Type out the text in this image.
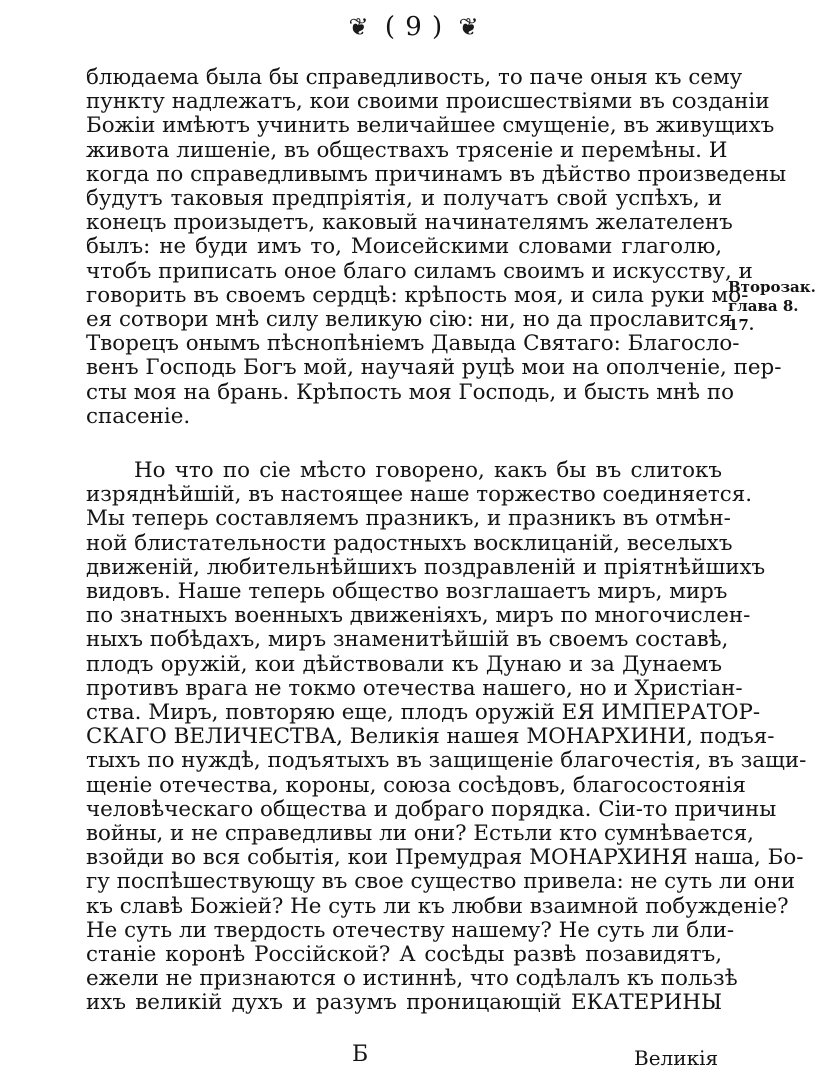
❦ ( 9 ) ❦
блюдаема была бы справедливость, то паче оныя къ сему
пункту надлежатъ, кои своими происшествіями въ созданіи
Божіи имѣютъ учинить величайшее смущеніе, въ живущихъ
живота лишеніе, въ обществахъ трясеніе и перемѣны. И
когда по справедливымъ причинамъ въ дѣйство произведены
будутъ таковыя предпріятія, и получатъ свой успѣхъ, и
конецъ произыдетъ, каковый начинателямъ желателенъ
былъ: не буди имъ то, Моисейскими словами глаголю,
чтобъ приписать оное благо силамъ своимъ и искусству, и
говорить въ своемъ сердцѣ: крѣпость моя, и сила руки мо-
ея сотвори мнѣ силу великую сію: ни, но да прославится
Творецъ онымъ пѣснопѣніемъ Давыда Святаго: Благосло-
венъ Господь Богъ мой, научаяй руцѣ мои на ополченіе, пер-
сты моя на брань. Крѣпость моя Господь, и бысть мнѣ по
спасеніе.
Второзак.
глава 8.
17.
Но что по сіе мѣсто говорено, какъ бы въ слитокъ
изряднѣйшій, въ настоящее наше торжество соединяется.
Мы теперь составляемъ празникъ, и празникъ въ отмѣн-
ной блистательности радостныхъ восклицаній, веселыхъ
движеній, любительнѣйшихъ поздравленій и пріятнѣйшихъ
видовъ. Наше теперь общество возглашаетъ миръ, миръ
по знатныхъ военныхъ движеніяхъ, миръ по многочислен-
ныхъ побѣдахъ, миръ знаменитѣйшій въ своемъ составѣ,
плодъ оружій, кои дѣйствовали къ Дунаю и за Дунаемъ
противъ врага не токмо отечества нашего, но и Христіан-
ства. Миръ, повторяю еще, плодъ оружій ЕЯ ИМПЕРАТОР-
СКАГО ВЕЛИЧЕСТВА, Великія нашея МОНАРХИНИ, подъя-
тыхъ по нуждѣ, подъятыхъ въ защищеніе благочестія, въ защи-
щеніе отечества, короны, союза сосѣдовъ, благосостоянія
человѣческаго общества и добраго порядка. Сіи-то причины
войны, и не справедливы ли они? Естьли кто сумнѣвается,
взойди во вся событія, кои Премудрая МОНАРХИНЯ наша, Бо-
гу поспѣшествующу въ свое существо привела: не суть ли они
къ славѣ Божіей? Не суть ли къ любви взаимной побужденіе?
Не суть ли твердость отечеству нашему? Не суть ли бли-
станіе коронѣ Россійской? А сосѣды развѣ позавидятъ,
ежели не признаются о истиннѣ, что содѣлалъ къ пользѣ
ихъ великій духъ и разумъ проницающій ЕКАТЕРИНЫ
Б	Великія
